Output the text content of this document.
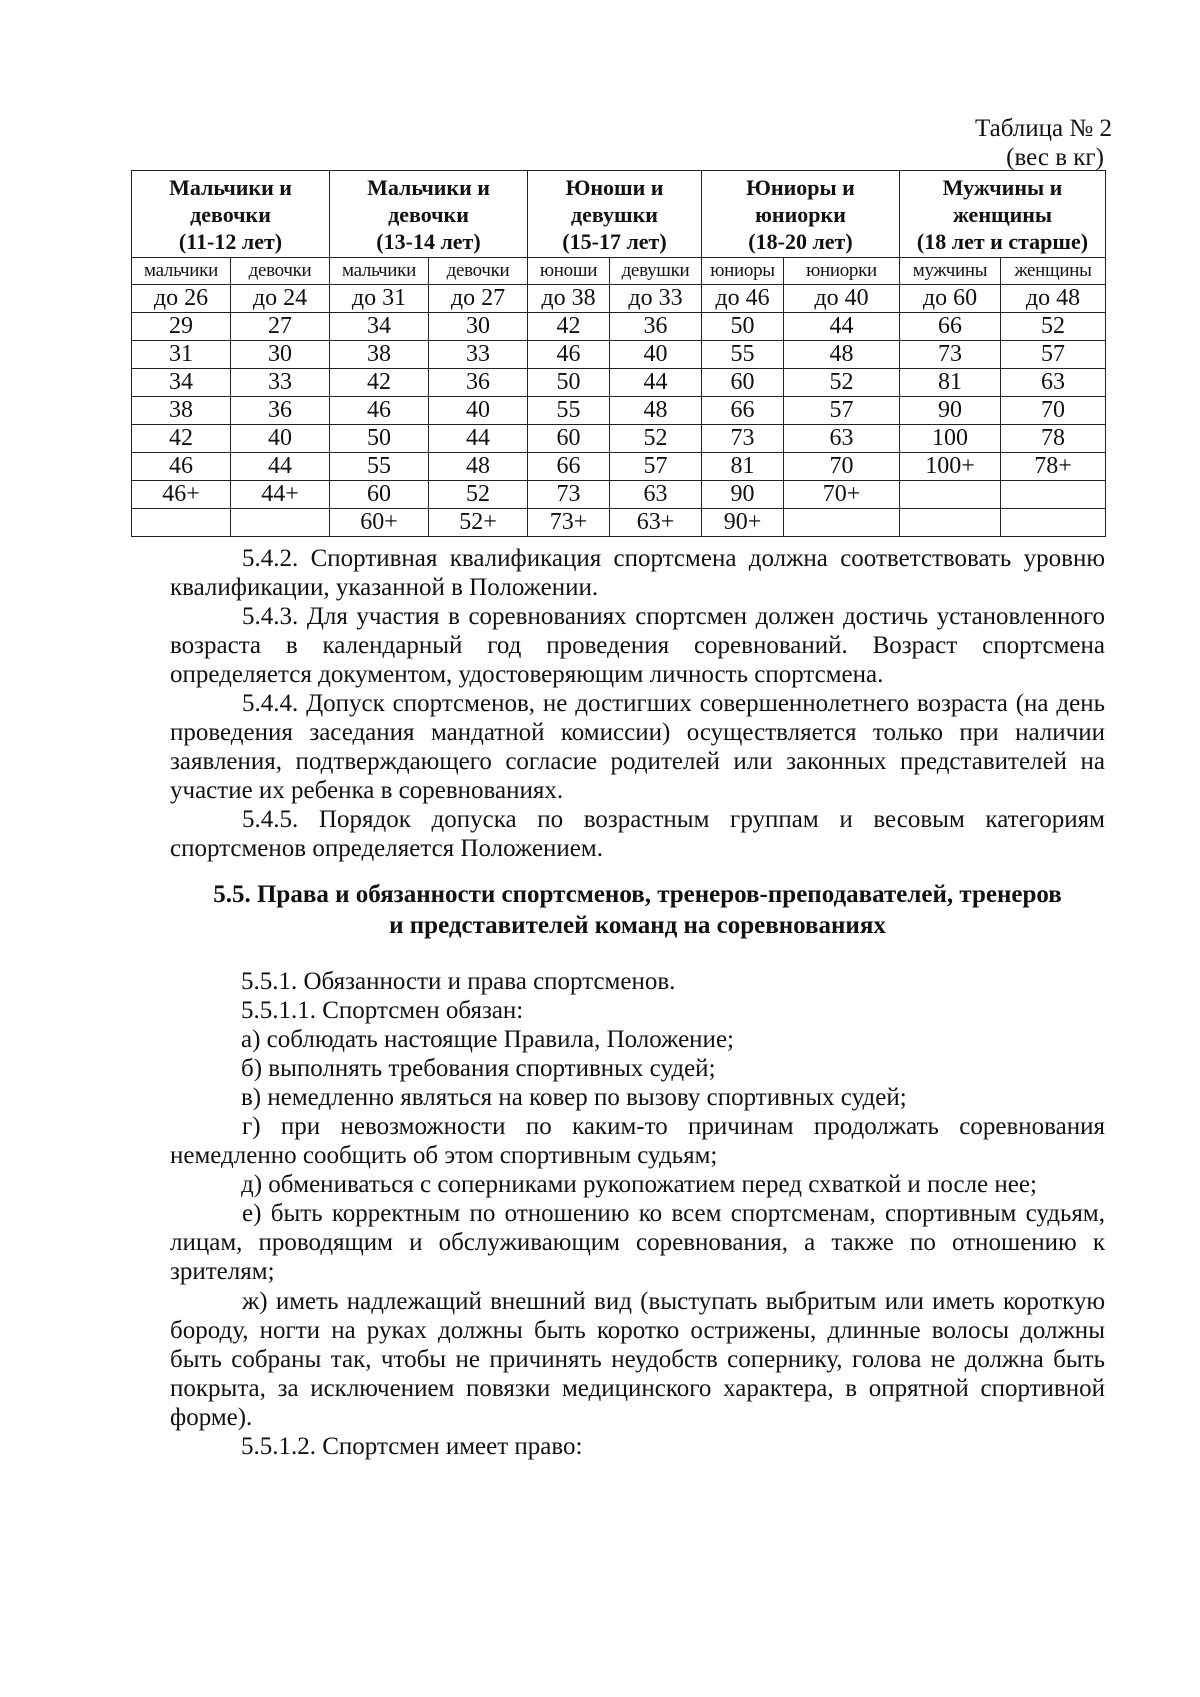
Таблица № 2
(вес в кг)
Мальчики и
девочки
(11-12 лет)		Мальчики и
девочки
(13-14 лет)		Юноши и
девушки
(15-17 лет)		Юниоры и
юниорки
(18-20 лет)		Мужчины и
женщины
(18 лет и старше)	

мальчики	девочки	мальчики	девочки	юноши	девушки	юниоры	юниорки	мужчины	женщины
до 26	до 24	до 31	до 27	до 38	до 33	до 46	до 40	до 60	до 48
29	27	34	30	42	36	50	44	66	52
31	30	38	33	46	40	55	48	73	57
34	33	42	36	50	44	60	52	81	63
38	36	46	40	55	48	66	57	90	70
42	40	50	44	60	52	73	63	100	78
46	44	55	48	66	57	81	70	100+	78+
46+	44+	60	52	73	63	90	70+		
		60+	52+	73+	63+	90+			

5.4.2. Спортивная квалификация спортсмена должна соответствовать уровню квалификации, указанной в Положении.

5.4.3. Для участия в соревнованиях спортсмен должен достичь установленного возраста в календарный год проведения соревнований. Возраст спортсмена определяется документом, удостоверяющим личность спортсмена.

5.4.4. Допуск спортсменов, не достигших совершеннолетнего возраста (на день проведения заседания мандатной комиссии) осуществляется только при наличии заявления, подтверждающего согласие родителей или законных представителей на участие их ребенка в соревнованиях.

5.4.5. Порядок допуска по возрастным группам и весовым категориям спортсменов определяется Положением.

5.5. Права и обязанности спортсменов, тренеров-преподавателей, тренеров
и представителей команд на соревнованиях

5.5.1. Обязанности и права спортсменов.

5.5.1.1. Спортсмен обязан:

а) соблюдать настоящие Правила, Положение;

б) выполнять требования спортивных судей;

в) немедленно являться на ковер по вызову спортивных судей;

г) при невозможности по каким-то причинам продолжать соревнования немедленно сообщить об этом спортивным судьям;

д) обмениваться с соперниками рукопожатием перед схваткой и после нее;

е) быть корректным по отношению ко всем спортсменам, спортивным судьям, лицам, проводящим и обслуживающим соревнования, а также по отношению к зрителям;

ж) иметь надлежащий внешний вид (выступать выбритым или иметь короткую бороду, ногти на руках должны быть коротко острижены, длинные волосы должны быть собраны так, чтобы не причинять неудобств сопернику, голова не должна быть покрыта, за исключением повязки медицинского характера, в опрятной спортивной форме).

5.5.1.2. Спортсмен имеет право:
